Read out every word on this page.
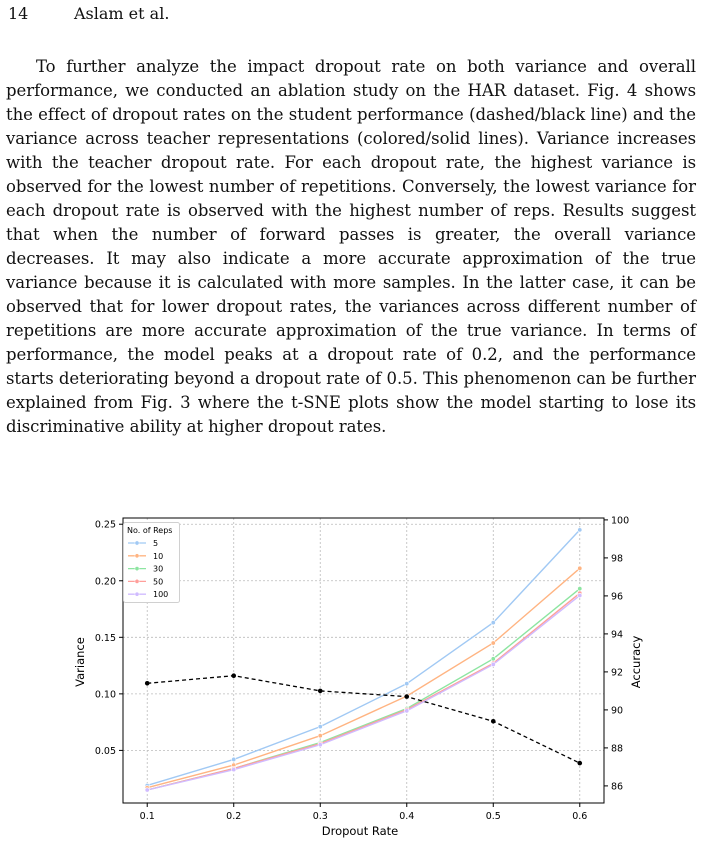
14	Aslam et al.

To further analyze the impact dropout rate on both variance and overall performance, we conducted an ablation study on the HAR dataset. Fig. 4 shows the effect of dropout rates on the student performance (dashed/black line) and the variance across teacher representations (colored/solid lines). Variance increases with the teacher dropout rate. For each dropout rate, the highest variance is observed for the lowest number of repetitions. Conversely, the lowest variance for each dropout rate is observed with the highest number of reps. Results suggest that when the number of forward passes is greater, the overall variance decreases. It may also indicate a more accurate approximation of the true variance because it is calculated with more samples. In the latter case, it can be observed that for lower dropout rates, the variances across different number of repetitions are more accurate approximation of the true variance. In terms of performance, the model peaks at a dropout rate of 0.2, and the performance starts deteriorating beyond a dropout rate of 0.5. This phenomenon can be further explained from Fig. 3 where the t-SNE plots show the model starting to lose its discriminative ability at higher dropout rates.

0.1	0.2	0.3	0.4	0.5	0.6
0.05
0.10
0.15
0.20
0.25
86
88
90
92
94
96
98
100
Dropout Rate
Variance	Accuracy
No. of Reps
5
10
30
50
100
